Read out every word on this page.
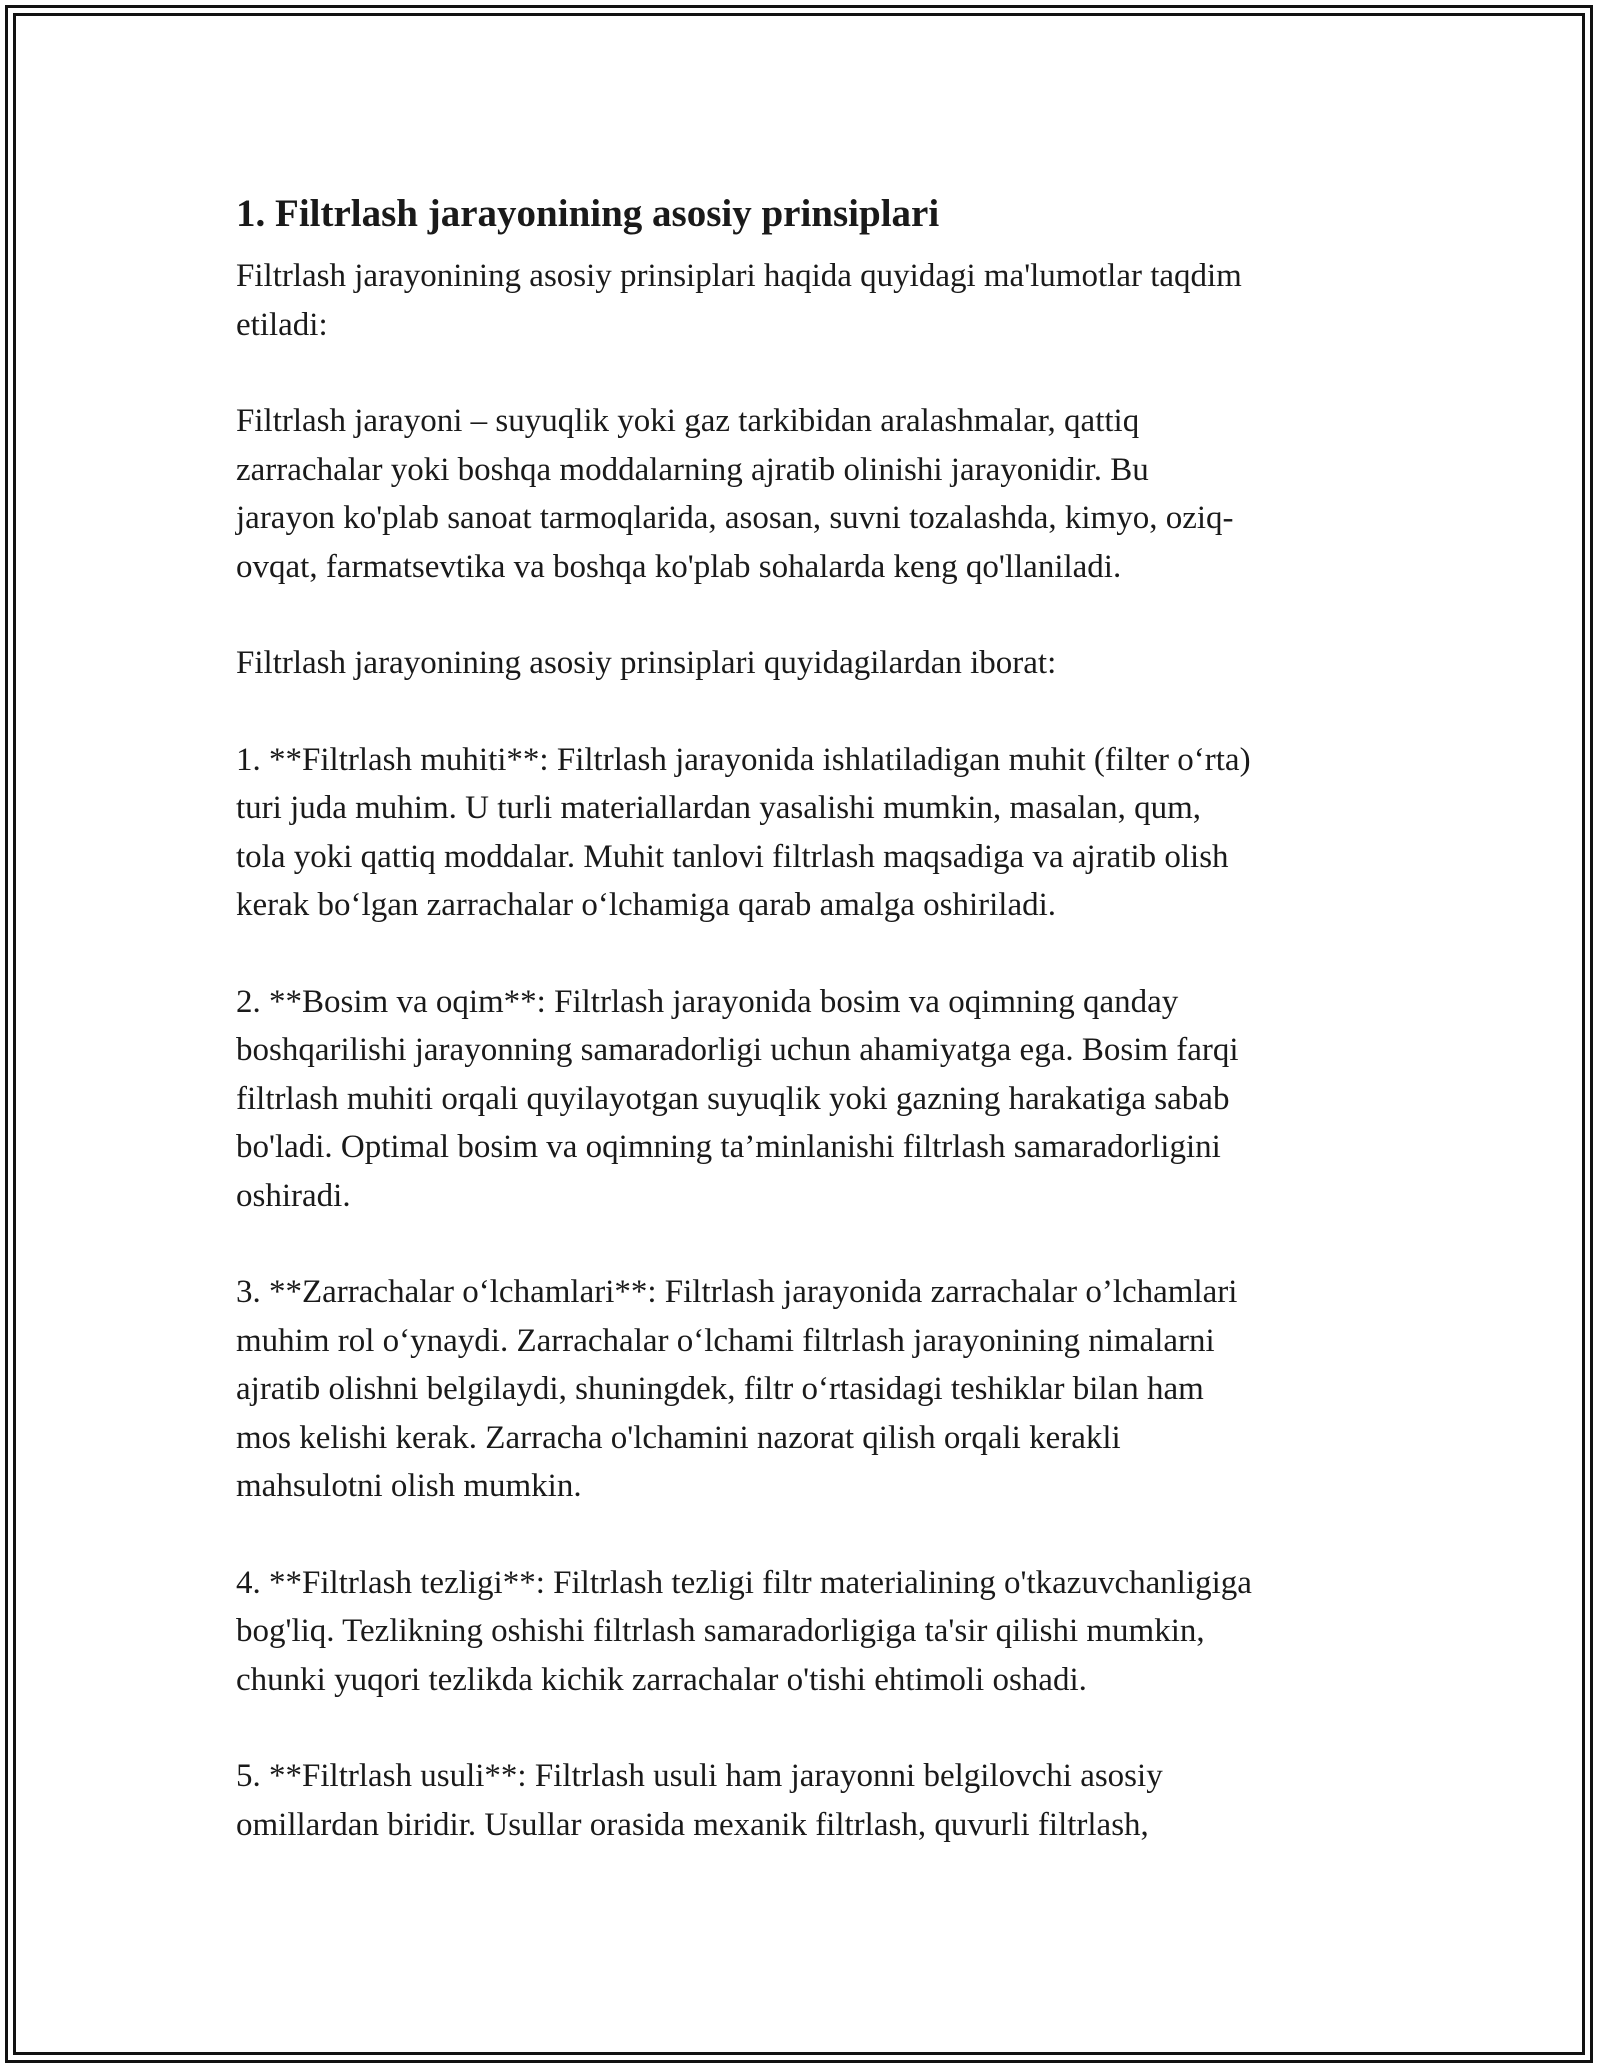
1. Filtrlash jarayonining asosiy prinsiplari

Filtrlash jarayonining asosiy prinsiplari haqida quyidagi ma'lumotlar taqdim
etiladi:

Filtrlash jarayoni – suyuqlik yoki gaz tarkibidan aralashmalar, qattiq
zarrachalar yoki boshqa moddalarning ajratib olinishi jarayonidir. Bu
jarayon ko'plab sanoat tarmoqlarida, asosan, suvni tozalashda, kimyo, oziq-
ovqat, farmatsevtika va boshqa ko'plab sohalarda keng qo'llaniladi.

Filtrlash jarayonining asosiy prinsiplari quyidagilardan iborat:

1. **Filtrlash muhiti**: Filtrlash jarayonida ishlatiladigan muhit (filter oʻrta)
turi juda muhim. U turli materiallardan yasalishi mumkin, masalan, qum,
tola yoki qattiq moddalar. Muhit tanlovi filtrlash maqsadiga va ajratib olish
kerak boʻlgan zarrachalar oʻlchamiga qarab amalga oshiriladi.

2. **Bosim va oqim**: Filtrlash jarayonida bosim va oqimning qanday
boshqarilishi jarayonning samaradorligi uchun ahamiyatga ega. Bosim farqi
filtrlash muhiti orqali quyilayotgan suyuqlik yoki gazning harakatiga sabab
bo'ladi. Optimal bosim va oqimning ta’minlanishi filtrlash samaradorligini
oshiradi.

3. **Zarrachalar oʻlchamlari**: Filtrlash jarayonida zarrachalar o’lchamlari
muhim rol oʻynaydi. Zarrachalar oʻlchami filtrlash jarayonining nimalarni
ajratib olishni belgilaydi, shuningdek, filtr oʻrtasidagi teshiklar bilan ham
mos kelishi kerak. Zarracha o'lchamini nazorat qilish orqali kerakli
mahsulotni olish mumkin.

4. **Filtrlash tezligi**: Filtrlash tezligi filtr materialining o'tkazuvchanligiga
bog'liq. Tezlikning oshishi filtrlash samaradorligiga ta'sir qilishi mumkin,
chunki yuqori tezlikda kichik zarrachalar o'tishi ehtimoli oshadi.

5. **Filtrlash usuli**: Filtrlash usuli ham jarayonni belgilovchi asosiy
omillardan biridir. Usullar orasida mexanik filtrlash, quvurli filtrlash,
